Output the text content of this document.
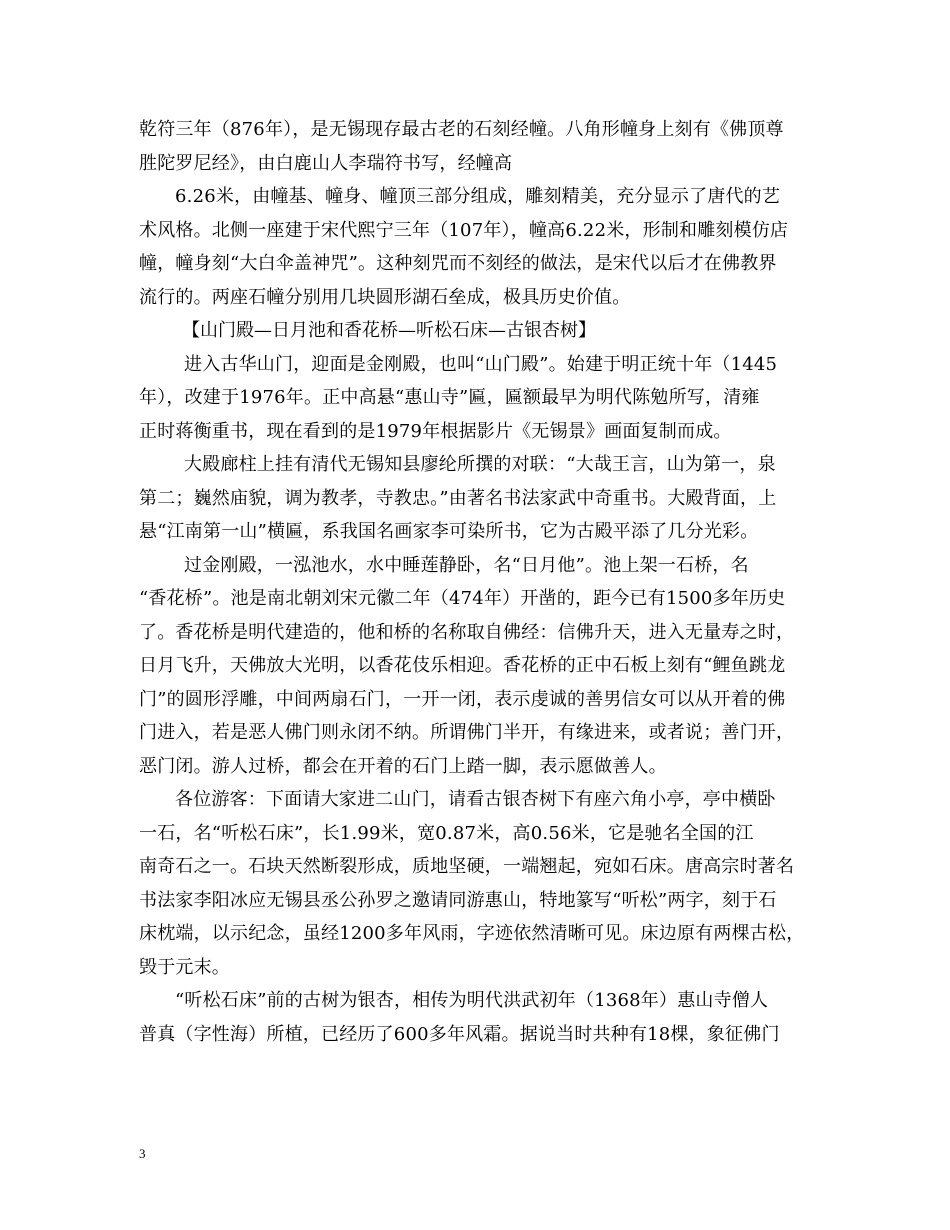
乾符三年（876年），是无锡现存最古老的石刻经幢。八角形幢身上刻有《佛顶尊
胜陀罗尼经》，由白鹿山人李瑞符书写，经幢高

6.26米，由幢基、幢身、幢顶三部分组成，雕刻精美，充分显示了唐代的艺
术风格。北侧一座建于宋代熙宁三年（107年），幢高6.22米，形制和雕刻模仿店
幢，幢身刻“大白伞盖神咒”。这种刻咒而不刻经的做法，是宋代以后才在佛教界
流行的。两座石幢分别用几块圆形湖石垒成，极具历史价值。

【山门殿—日月池和香花桥—听松石床—古银杏树】

进入古华山门，迎面是金刚殿，也叫“山门殿”。始建于明正统十年（1445
年），改建于1976年。正中高悬“惠山寺”匾，匾额最早为明代陈勉所写，清雍
正时蒋衡重书，现在看到的是1979年根据影片《无锡景》画面复制而成。

大殿廊柱上挂有清代无锡知县廖纶所撰的对联：“大哉王言，山为第一，泉
第二；巍然庙貌，调为教孝，寺教忠。”由著名书法家武中奇重书。大殿背面，上
悬“江南第一山”横匾，系我国名画家李可染所书，它为古殿平添了几分光彩。

过金刚殿，一泓池水，水中睡莲静卧，名“日月他”。池上架一石桥，名
“香花桥”。池是南北朝刘宋元徽二年（474年）开凿的，距今已有1500多年历史
了。香花桥是明代建造的，他和桥的名称取自佛经：信佛升天，进入无量寿之时，
日月飞升，天佛放大光明，以香花伎乐相迎。香花桥的正中石板上刻有“鲤鱼跳龙
门”的圆形浮雕，中间两扇石门，一开一闭，表示虔诚的善男信女可以从开着的佛
门进入，若是恶人佛门则永闭不纳。所谓佛门半开，有缘进来，或者说；善门开，
恶门闭。游人过桥，都会在开着的石门上踏一脚，表示愿做善人。

各位游客：下面请大家进二山门，请看古银杏树下有座六角小亭，亭中横卧
一石，名“听松石床”，长1.99米，宽0.87米，高0.56米，它是驰名全国的江
南奇石之一。石块天然断裂形成，质地坚硬，一端翘起，宛如石床。唐高宗时著名
书法家李阳冰应无锡县丞公孙罗之邀请同游惠山，特地篆写“听松”两字，刻于石
床枕端，以示纪念，虽经1200多年风雨，字迹依然清晰可见。床边原有两棵古松，
毁于元末。

“听松石床”前的古树为银杏，相传为明代洪武初年（1368年）惠山寺僧人
普真（字性海）所植，已经历了600多年风霜。据说当时共种有18棵，象征佛门

3
